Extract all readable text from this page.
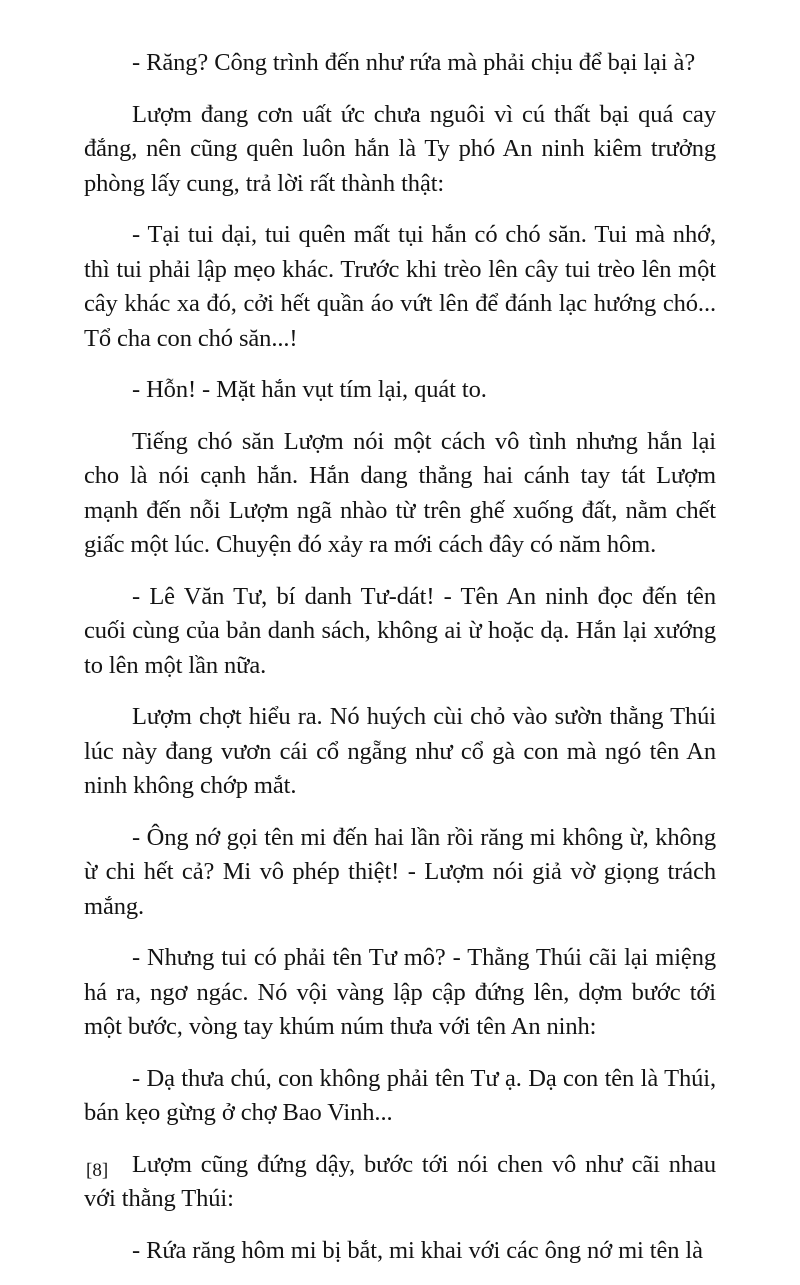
- Răng? Công trình đến như rứa mà phải chịu để bại lại à?

Lượm đang cơn uất ức chưa nguôi vì cú thất bại quá cay đắng, nên cũng quên luôn hắn là Ty phó An ninh kiêm trưởng phòng lấy cung, trả lời rất thành thật:

- Tại tui dại, tui quên mất tụi hắn có chó săn. Tui mà nhớ, thì tui phải lập mẹo khác. Trước khi trèo lên cây tui trèo lên một cây khác xa đó, cởi hết quần áo vứt lên để đánh lạc hướng chó... Tổ cha con chó săn...!

- Hỗn! - Mặt hắn vụt tím lại, quát to.

Tiếng chó săn Lượm nói một cách vô tình nhưng hắn lại cho là nói cạnh hắn. Hắn dang thẳng hai cánh tay tát Lượm mạnh đến nỗi Lượm ngã nhào từ trên ghế xuống đất, nằm chết giấc một lúc. Chuyện đó xảy ra mới cách đây có năm hôm.

- Lê Văn Tư, bí danh Tư-dát! - Tên An ninh đọc đến tên cuối cùng của bản danh sách, không ai ừ hoặc dạ. Hắn lại xướng to lên một lần nữa.

Lượm chợt hiểu ra. Nó huých cùi chỏ vào sườn thằng Thúi lúc này đang vươn cái cổ ngẵng như cổ gà con mà ngó tên An ninh không chớp mắt.

- Ông nớ gọi tên mi đến hai lần rồi răng mi không ừ, không ừ chi hết cả? Mi vô phép thiệt! - Lượm nói giả vờ giọng trách mắng.

- Nhưng tui có phải tên Tư mô? - Thằng Thúi cãi lại miệng há ra, ngơ ngác. Nó vội vàng lập cập đứng lên, dợm bước tới một bước, vòng tay khúm núm thưa với tên An ninh:

- Dạ thưa chú, con không phải tên Tư ạ. Dạ con tên là Thúi, bán kẹo gừng ở chợ Bao Vinh...

Lượm cũng đứng dậy, bước tới nói chen vô như cãi nhau với thằng Thúi:

- Rứa răng hôm mi bị bắt, mi khai với các ông nớ mi tên là

[8]
